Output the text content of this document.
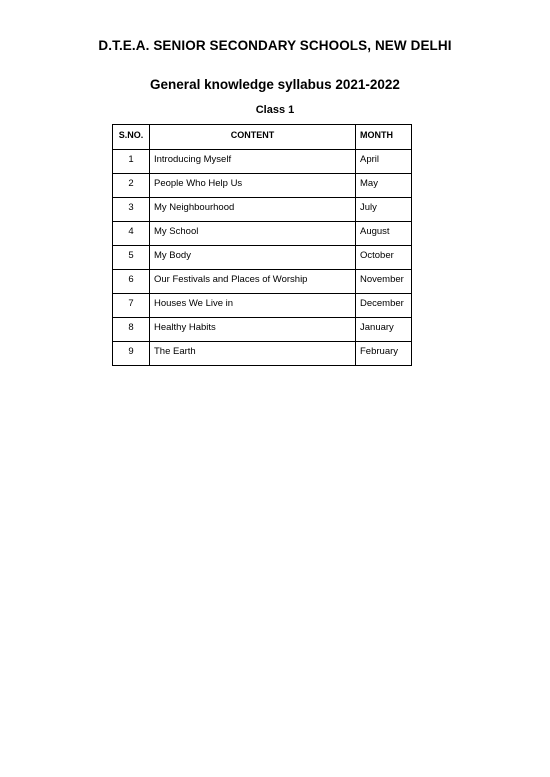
D.T.E.A. SENIOR SECONDARY SCHOOLS, NEW DELHI
General knowledge syllabus 2021-2022
Class 1
S.NO.	CONTENT	MONTH
1	Introducing Myself	April
2	People Who Help Us	May
3	My Neighbourhood	July
4	My School	August
5	My Body	October
6	Our Festivals and Places of Worship	November
7	Houses We Live in	December
8	Healthy Habits	January
9	The Earth	February
